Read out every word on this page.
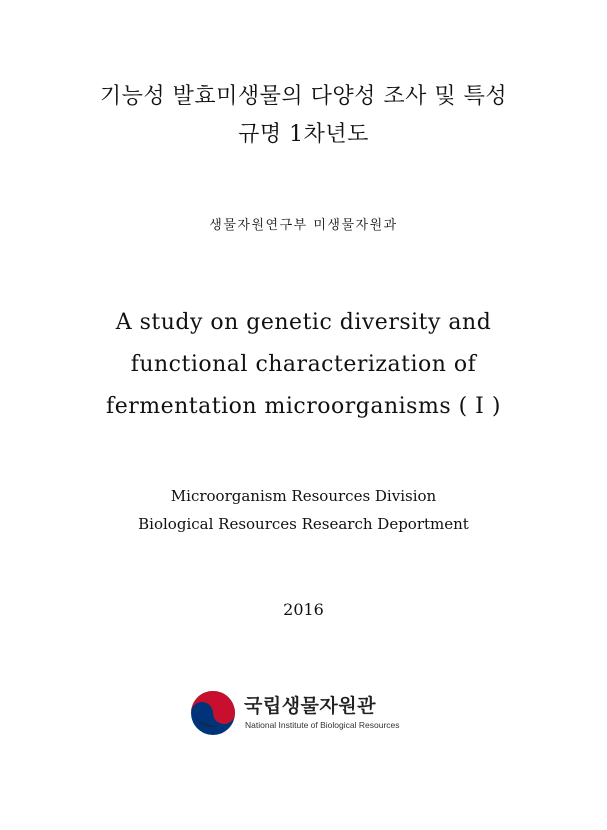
기능성 발효미생물의 다양성 조사 및 특성
규명 1차년도
생물자원연구부 미생물자원과
A study on genetic diversity and
functional characterization of
fermentation microorganisms ( I )
Microorganism Resources Division
Biological Resources Research Deportment
2016
국립생물자원관
National Institute of Biological Resources
